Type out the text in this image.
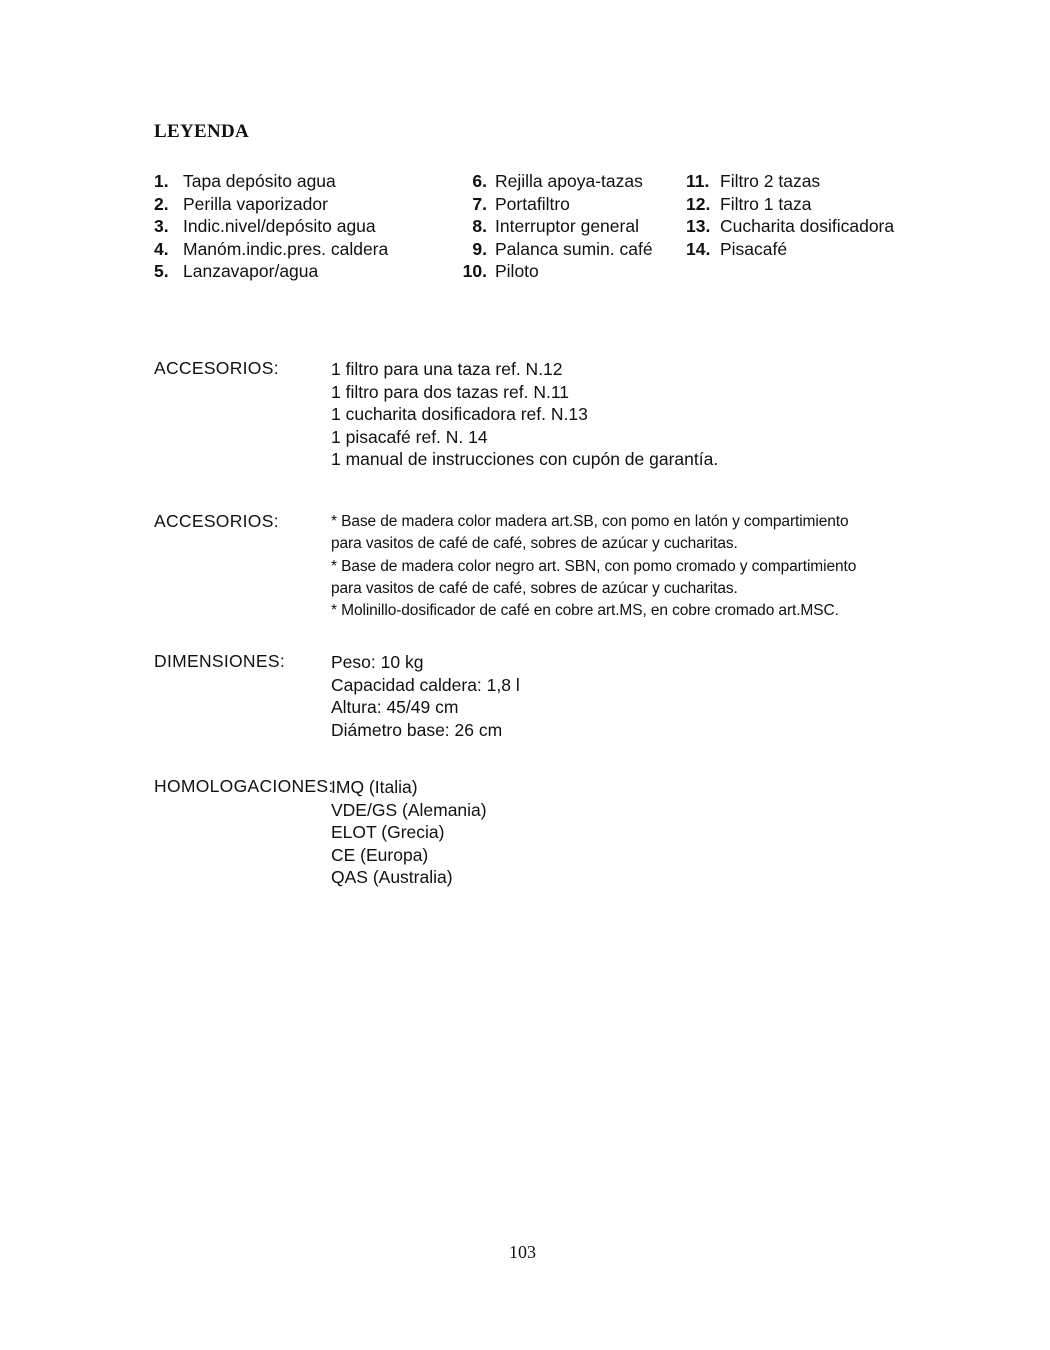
LEYENDA
1. Tapa depósito agua
2. Perilla vaporizador
3. Indic.nivel/depósito agua
4. Manóm.indic.pres. caldera
5. Lanzavapor/agua
6. Rejilla apoya-tazas
7. Portafiltro
8. Interruptor general
9. Palanca sumin. café
10. Piloto
11. Filtro 2 tazas
12. Filtro 1 taza
13. Cucharita dosificadora
14. Pisacafé
ACCESORIOS:	1 filtro para una taza ref. N.12
1 filtro para dos tazas ref. N.11
1 cucharita dosificadora ref. N.13
1 pisacafé ref. N. 14
1 manual de instrucciones con cupón de garantía.
ACCESORIOS:	* Base de madera color madera art.SB, con pomo en latón y compartimiento
para vasitos de café de café, sobres de azúcar y cucharitas.
* Base de madera color negro art. SBN, con pomo cromado y compartimiento
para vasitos de café de café, sobres de azúcar y cucharitas.
* Molinillo-dosificador de café en cobre art.MS, en cobre cromado art.MSC.
DIMENSIONES:	Peso: 10 kg
Capacidad caldera: 1,8 l
Altura: 45/49 cm
Diámetro base: 26 cm
HOMOLOGACIONES:
IMQ (Italia)
VDE/GS (Alemania)
ELOT (Grecia)
CE (Europa)
QAS (Australia)
103
